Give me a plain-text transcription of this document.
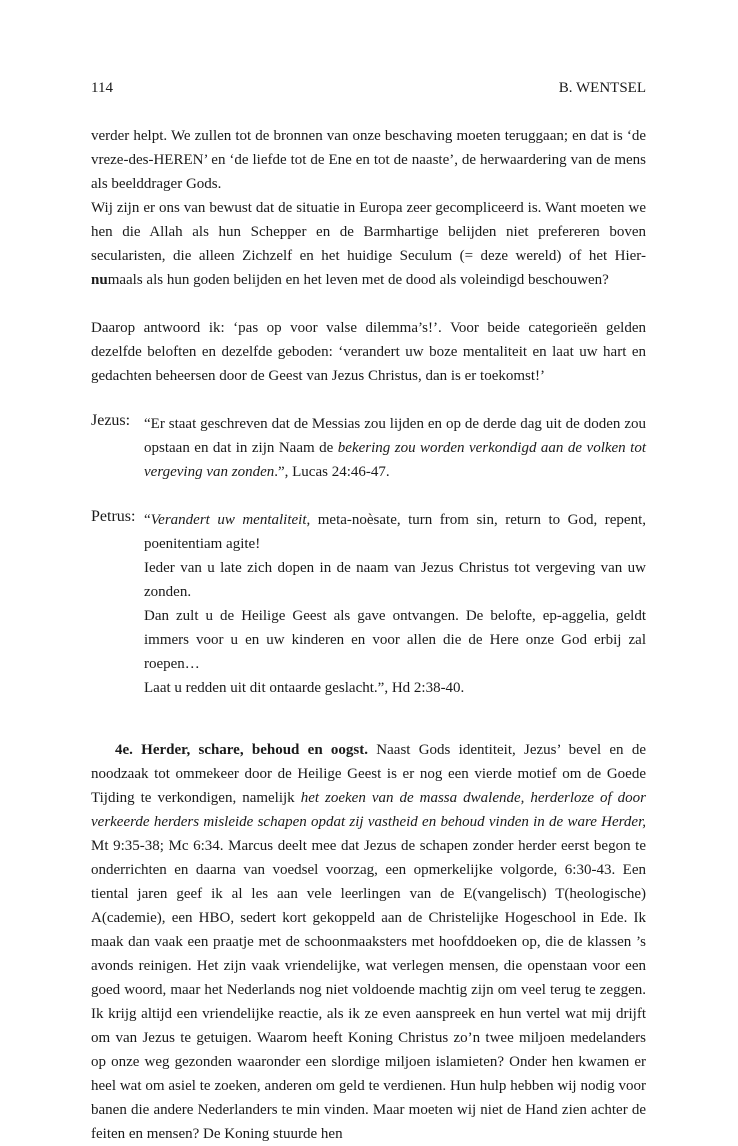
114	B. WENTSEL

verder helpt. We zullen tot de bronnen van onze beschaving moeten teruggaan; en dat is ‘de vreze-des-HEREN’ en ‘de liefde tot de Ene en tot de naaste’, de herwaardering van de mens als beelddrager Gods.

Wij zijn er ons van bewust dat de situatie in Europa zeer gecompliceerd is. Want moeten we hen die Allah als hun Schepper en de Barmhartige belijden niet prefereren boven secularisten, die alleen Zichzelf en het huidige Seculum (= deze wereld) of het Hier-numaals als hun goden belijden en het leven met de dood als voleindigd beschouwen?

Daarop antwoord ik: ‘pas op voor valse dilemma’s!’. Voor beide categorieën gelden dezelfde beloften en dezelfde geboden: ‘verandert uw boze mentaliteit en laat uw hart en gedachten beheersen door de Geest van Jezus Christus, dan is er toekomst!’

Jezus: “Er staat geschreven dat de Messias zou lijden en op de derde dag uit de doden zou opstaan en dat in zijn Naam de bekering zou worden verkondigd aan de volken tot vergeving van zonden.”, Lucas 24:46-47.

Petrus: “Verandert uw mentaliteit, meta-noèsate, turn from sin, return to God, repent, poenitentiam agite!

Ieder van u late zich dopen in de naam van Jezus Christus tot vergeving van uw zonden.

Dan zult u de Heilige Geest als gave ontvangen. De belofte, ep-aggelia, geldt immers voor u en uw kinderen en voor allen die de Here onze God erbij zal roepen…

Laat u redden uit dit ontaarde geslacht.”, Hd 2:38-40.

4e. Herder, schare, behoud en oogst. Naast Gods identiteit, Jezus’ bevel en de noodzaak tot ommekeer door de Heilige Geest is er nog een vierde motief om de Goede Tijding te verkondigen, namelijk het zoeken van de massa dwalende, herderloze of door verkeerde herders misleide schapen opdat zij vastheid en behoud vinden in de ware Herder, Mt 9:35-38; Mc 6:34. Marcus deelt mee dat Jezus de schapen zonder herder eerst begon te onderrichten en daarna van voedsel voorzag, een opmerkelijke volgorde, 6:30-43. Een tiental jaren geef ik al les aan vele leerlingen van de E(vangelisch) T(heologische) A(cademie), een HBO, sedert kort gekoppeld aan de Christelijke Hogeschool in Ede. Ik maak dan vaak een praatje met de schoonmaaksters met hoofddoeken op, die de klassen ’s avonds reinigen. Het zijn vaak vriendelijke, wat verlegen mensen, die openstaan voor een goed woord, maar het Nederlands nog niet voldoende machtig zijn om veel terug te zeggen. Ik krijg altijd een vriendelijke reactie, als ik ze even aanspreek en hun vertel wat mij drijft om van Jezus te getuigen. Waarom heeft Koning Christus zo’n twee miljoen medelanders op onze weg gezonden waaronder een slordige miljoen islamieten? Onder hen kwamen er heel wat om asiel te zoeken, anderen om geld te verdienen. Hun hulp hebben wij nodig voor banen die andere Nederlanders te min vinden. Maar moeten wij niet de Hand zien achter de feiten en mensen? De Koning stuurde hen
